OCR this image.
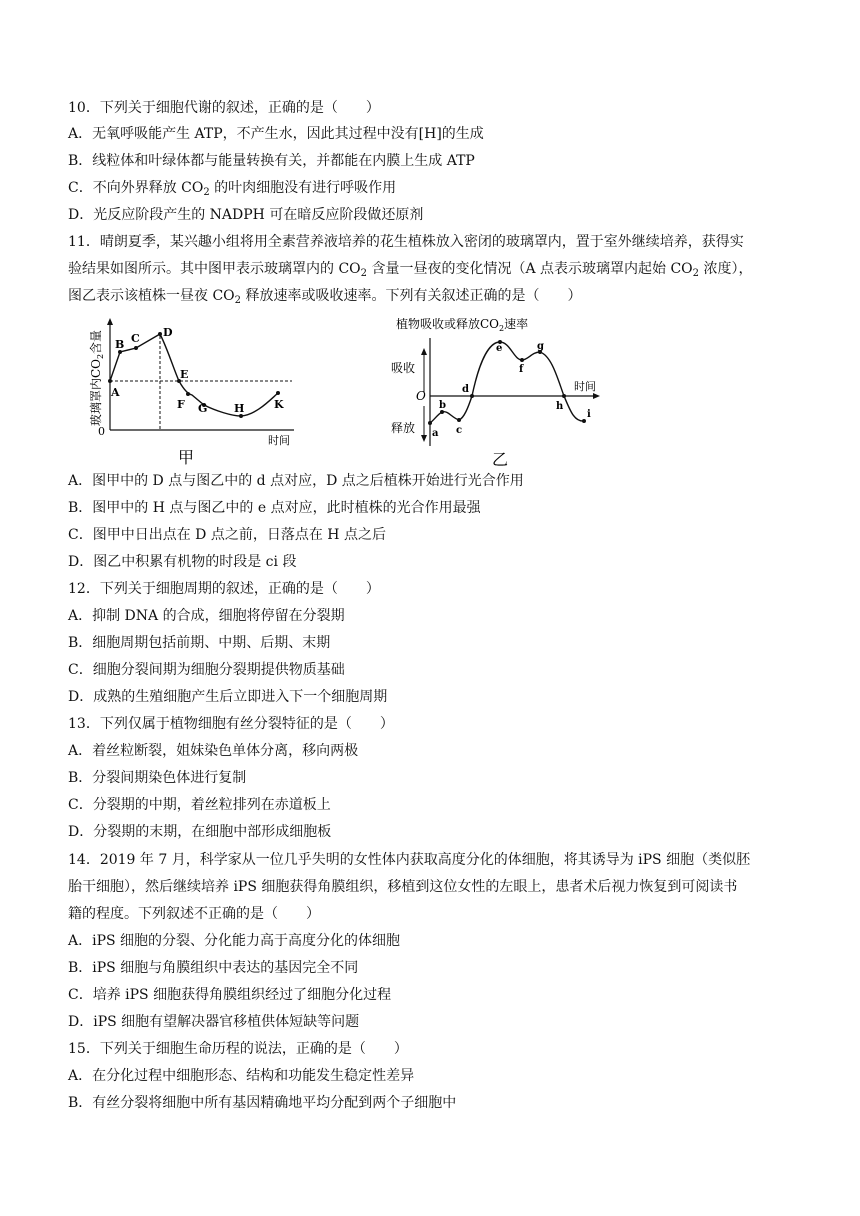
10．下列关于细胞代谢的叙述，正确的是（　　）
A．无氧呼吸能产生 ATP，不产生水，因此其过程中没有[H]的生成
B．线粒体和叶绿体都与能量转换有关，并都能在内膜上生成 ATP
C．不向外界释放 $CO_2$ 的叶肉细胞没有进行呼吸作用
D．光反应阶段产生的 NADPH 可在暗反应阶段做还原剂
11．晴朗夏季，某兴趣小组将用全素营养液培养的花生植株放入密闭的玻璃罩内，置于室外继续培养，获得实
验结果如图所示。其中图甲表示玻璃罩内的 $CO_2$ 含量一昼夜的变化情况（A 点表示玻璃罩内起始 $CO_2$ 浓度），
图乙表示该植株一昼夜 $CO_2$ 释放速率或吸收速率。下列有关叙述正确的是（　　）
玻璃罩内$CO_2$含量
0
时间
A
B C D
E
F G H	K
甲
植物吸收或释放$CO_2$速率
吸收
释放
O
时间
a
b
c
d
e
f
g
h
i
乙
A．图甲中的 D 点与图乙中的 d 点对应，D 点之后植株开始进行光合作用
B．图甲中的 H 点与图乙中的 e 点对应，此时植株的光合作用最强
C．图甲中日出点在 D 点之前，日落点在 H 点之后
D．图乙中积累有机物的时段是 ci 段
12．下列关于细胞周期的叙述，正确的是（　　）
A．抑制 DNA 的合成，细胞将停留在分裂期
B．细胞周期包括前期、中期、后期、末期
C．细胞分裂间期为细胞分裂期提供物质基础
D．成熟的生殖细胞产生后立即进入下一个细胞周期
13．下列仅属于植物细胞有丝分裂特征的是（　　）
A．着丝粒断裂，姐妹染色单体分离，移向两极
B．分裂间期染色体进行复制
C．分裂期的中期，着丝粒排列在赤道板上
D．分裂期的末期，在细胞中部形成细胞板
14．2019 年 7 月，科学家从一位几乎失明的女性体内获取高度分化的体细胞，将其诱导为 iPS 细胞（类似胚
胎干细胞），然后继续培养 iPS 细胞获得角膜组织，移植到这位女性的左眼上，患者术后视力恢复到可阅读书
籍的程度。下列叙述不正确的是（　　）
A．iPS 细胞的分裂、分化能力高于高度分化的体细胞
B．iPS 细胞与角膜组织中表达的基因完全不同
C．培养 iPS 细胞获得角膜组织经过了细胞分化过程
D．iPS 细胞有望解决器官移植供体短缺等问题
15．下列关于细胞生命历程的说法，正确的是（　　）
A．在分化过程中细胞形态、结构和功能发生稳定性差异
B．有丝分裂将细胞中所有基因精确地平均分配到两个子细胞中
